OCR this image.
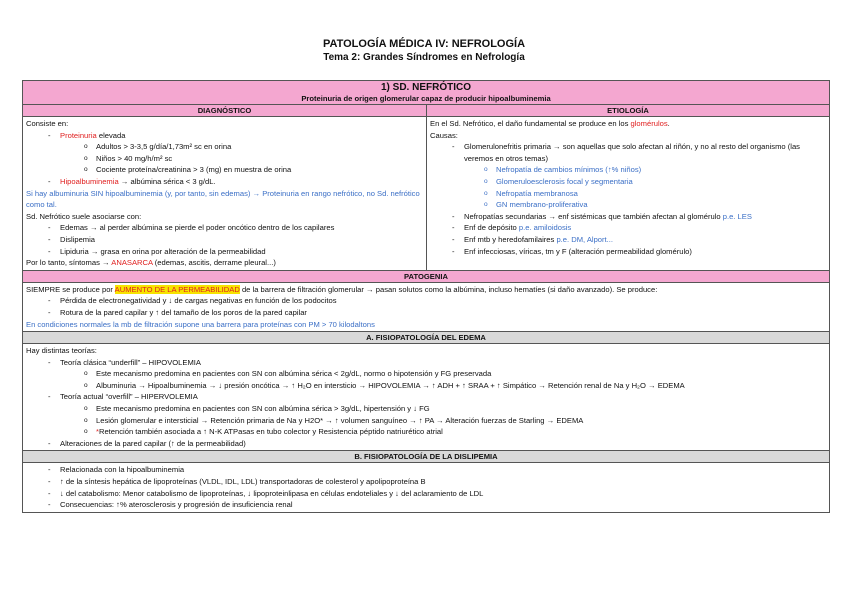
PATOLOGÍA MÉDICA IV: NEFROLOGÍA
Tema 2: Grandes Síndromes en Nefrología
1) SD. NEFRÓTICO
Proteinuria de origen glomerular capaz de producir hipoalbuminemia
DIAGNÓSTICO	ETIOLOGÍA
Consiste en:
- Proteinuria elevada
o Adultos > 3-3,5 g/día/1,73m² sc en orina
o Niños > 40 mg/h/m² sc
o Cociente proteína/creatinina > 3 (mg) en muestra de orina
- Hipoalbuminemia → albúmina sérica < 3 g/dL.
Si hay albuminuria SIN hipoalbuminemia (y, por tanto, sin edemas) → Proteinuria en rango nefrótico, no Sd. nefrótico como tal.
Sd. Nefrótico suele asociarse con:
- Edemas → al perder albúmina se pierde el poder oncótico dentro de los capilares
- Dislipemia
- Lipiduria → grasa en orina por alteración de la permeabilidad
Por lo tanto, síntomas → ANASARCA (edemas, ascitis, derrame pleural...)
En el Sd. Nefrótico, el daño fundamental se produce en los glomérulos.
Causas:
- Glomerulonefritis primaria → son aquellas que solo afectan al riñón, y no al resto del organismo (las veremos en otros temas)
o Nefropatía de cambios mínimos (↑% niños)
o Glomeruloesclerosis focal y segmentaria
o Nefropatía membranosa
o GN membrano-proliferativa
- Nefropatías secundarias → enf sistémicas que también afectan al glomérulo p.e. LES
- Enf de depósito p.e. amiloidosis
- Enf mtb y heredofamilaires p.e. DM, Alport...
- Enf infecciosas, víricas, tm y F (alteración permeabilidad glomérulo)
PATOGENIA
SIEMPRE se produce por AUMENTO DE LA PERMEABILIDAD de la barrera de filtración glomerular → pasan solutos como la albúmina, incluso hematíes (si daño avanzado). Se produce:
- Pérdida de electronegatividad y ↓ de cargas negativas en función de los podocitos
- Rotura de la pared capilar y ↑ del tamaño de los poros de la pared capilar
En condiciones normales la mb de filtración supone una barrera para proteínas con PM > 70 kilodaltons
A. FISIOPATOLOGÍA DEL EDEMA
Hay distintas teorías:
- Teoría clásica “underfill” – HIPOVOLEMIA
o Este mecanismo predomina en pacientes con SN con albúmina sérica < 2g/dL, normo o hipotensión y FG preservada
o Albuminuria → Hipoalbuminemia → ↓ presión oncótica → ↑ H₂O en intersticio → HIPOVOLEMIA → ↑ ADH + ↑ SRAA + ↑ Simpático → Retención renal de Na y H₂O → EDEMA
- Teoría actual “overfill” – HIPERVOLEMIA
o Este mecanismo predomina en pacientes con SN con albúmina sérica > 3g/dL, hipertensión y ↓ FG
o Lesión glomerular e intersticial → Retención primaria de Na y H2O* → ↑ volumen sanguíneo → ↑ PA → Alteración fuerzas de Starling → EDEMA
o *Retención también asociada a ↑ N-K ATPasas en tubo colector y Resistencia péptido natriurético atrial
- Alteraciones de la pared capilar (↑ de la permeabilidad)
B. FISIOPATOLOGÍA DE LA DISLIPEMIA
- Relacionada con la hipoalbuminemia
- ↑ de la síntesis hepática de lipoproteínas (VLDL, IDL, LDL) transportadoras de colesterol y apolipoproteína B
- ↓ del catabolismo: Menor catabolismo de lipoproteínas, ↓ lipoproteinlipasa en células endoteliales y ↓ del aclaramiento de LDL
- Consecuencias: ↑% aterosclerosis y progresión de insuficiencia renal
